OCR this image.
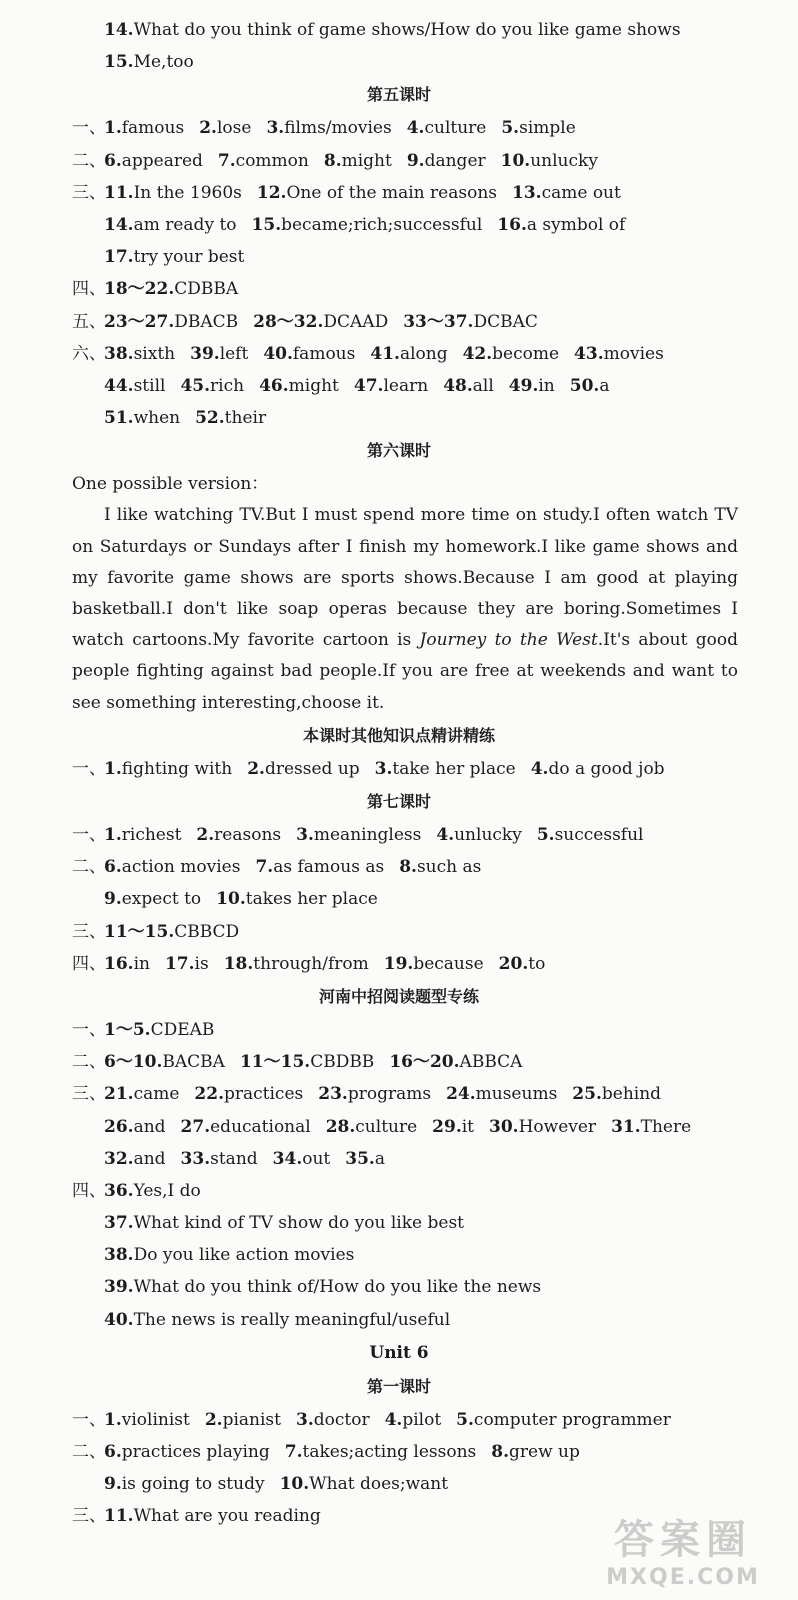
14.What do you think of game shows/How do you like game shows
15.Me,too
第五课时
一、1.famous 2.lose 3.films/movies 4.culture 5.simple
二、6.appeared 7.common 8.might 9.danger 10.unlucky
三、11.In the 1960s 12.One of the main reasons 13.came out
14.am ready to 15.became;rich;successful 16.a symbol of
17.try your best
四、18～22.CDBBA
五、23～27.DBACB 28～32.DCAAD 33～37.DCBAC
六、38.sixth 39.left 40.famous 41.along 42.become 43.movies
44.still 45.rich 46.might 47.learn 48.all 49.in 50.a
51.when 52.their
第六课时
One possible version：
I like watching TV.But I must spend more time on study.I often watch TV on Saturdays or Sundays after I finish my homework.I like game shows and my favorite game shows are sports shows.Because I am good at playing basketball.I don't like soap operas because they are boring.Sometimes I watch cartoons.My favorite cartoon is Journey to the West.It's about good people fighting against bad people.If you are free at weekends and want to see something interesting,choose it.
本课时其他知识点精讲精练
一、1.fighting with 2.dressed up 3.take her place 4.do a good job
第七课时
一、1.richest 2.reasons 3.meaningless 4.unlucky 5.successful
二、6.action movies 7.as famous as 8.such as
9.expect to 10.takes her place
三、11～15.CBBCD
四、16.in 17.is 18.through/from 19.because 20.to
河南中招阅读题型专练
一、1～5.CDEAB
二、6～10.BACBA 11～15.CBDBB 16～20.ABBCA
三、21.came 22.practices 23.programs 24.museums 25.behind
26.and 27.educational 28.culture 29.it 30.However 31.There
32.and 33.stand 34.out 35.a
四、36.Yes,I do
37.What kind of TV show do you like best
38.Do you like action movies
39.What do you think of/How do you like the news
40.The news is really meaningful/useful
Unit 6
第一课时
一、1.violinist 2.pianist 3.doctor 4.pilot 5.computer programmer
二、6.practices playing 7.takes;acting lessons 8.grew up
9.is going to study 10.What does;want
三、11.What are you reading
答案圈
MXQE.COM
